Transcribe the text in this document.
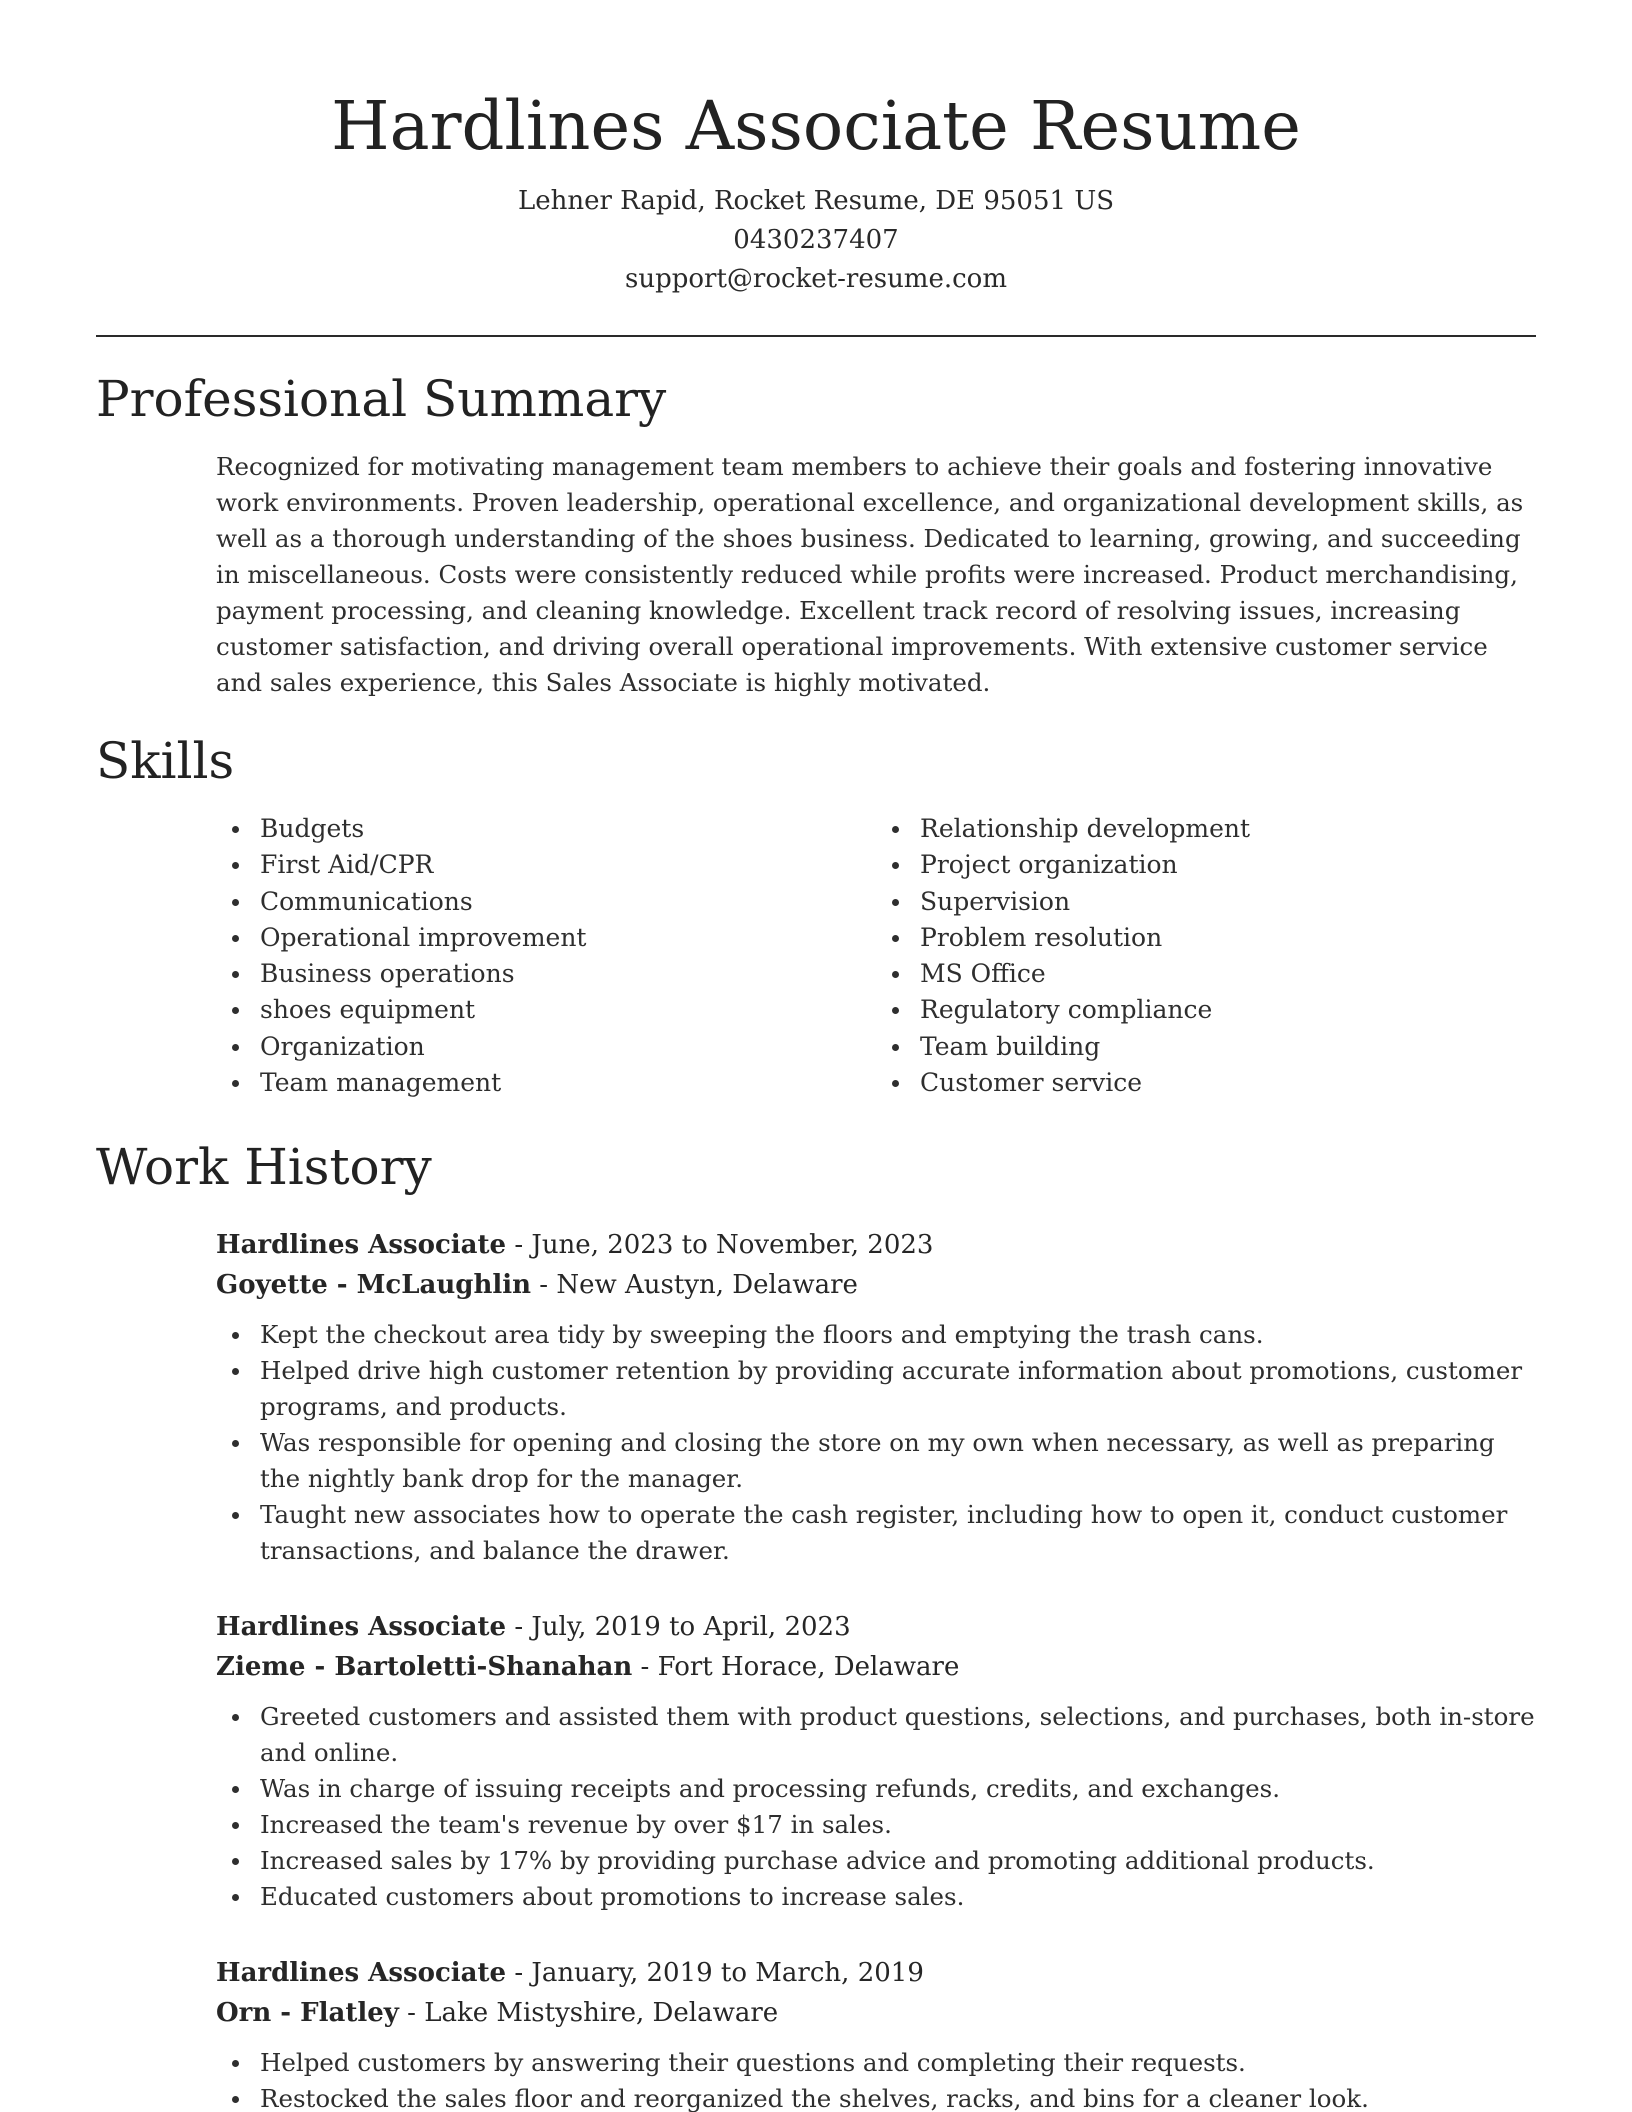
Hardlines Associate Resume
Lehner Rapid, Rocket Resume, DE 95051 US
0430237407
support@rocket-resume.com
Professional Summary

Recognized for motivating management team members to achieve their goals and fostering innovative work environments. Proven leadership, operational excellence, and organizational development skills, as well as a thorough understanding of the shoes business. Dedicated to learning, growing, and succeeding in miscellaneous. Costs were consistently reduced while profits were increased. Product merchandising, payment processing, and cleaning knowledge. Excellent track record of resolving issues, increasing customer satisfaction, and driving overall operational improvements. With extensive customer service and sales experience, this Sales Associate is highly motivated.

Skills
Budgets
First Aid/CPR
Communications
Operational improvement
Business operations
shoes equipment
Organization
Team management
Relationship development
Project organization
Supervision
Problem resolution
MS Office
Regulatory compliance
Team building
Customer service
Work History
Hardlines Associate - June, 2023 to November, 2023
Goyette - McLaughlin - New Austyn, Delaware
Kept the checkout area tidy by sweeping the floors and emptying the trash cans.
Helped drive high customer retention by providing accurate information about promotions, customer programs, and products.
Was responsible for opening and closing the store on my own when necessary, as well as preparing the nightly bank drop for the manager.
Taught new associates how to operate the cash register, including how to open it, conduct customer transactions, and balance the drawer.
Hardlines Associate - July, 2019 to April, 2023
Zieme - Bartoletti-Shanahan - Fort Horace, Delaware
Greeted customers and assisted them with product questions, selections, and purchases, both in-store and online.
Was in charge of issuing receipts and processing refunds, credits, and exchanges.
Increased the team's revenue by over $17 in sales.
Increased sales by 17% by providing purchase advice and promoting additional products.
Educated customers about promotions to increase sales.
Hardlines Associate - January, 2019 to March, 2019
Orn - Flatley - Lake Mistyshire, Delaware
Helped customers by answering their questions and completing their requests.
Restocked the sales floor and reorganized the shelves, racks, and bins for a cleaner look.
